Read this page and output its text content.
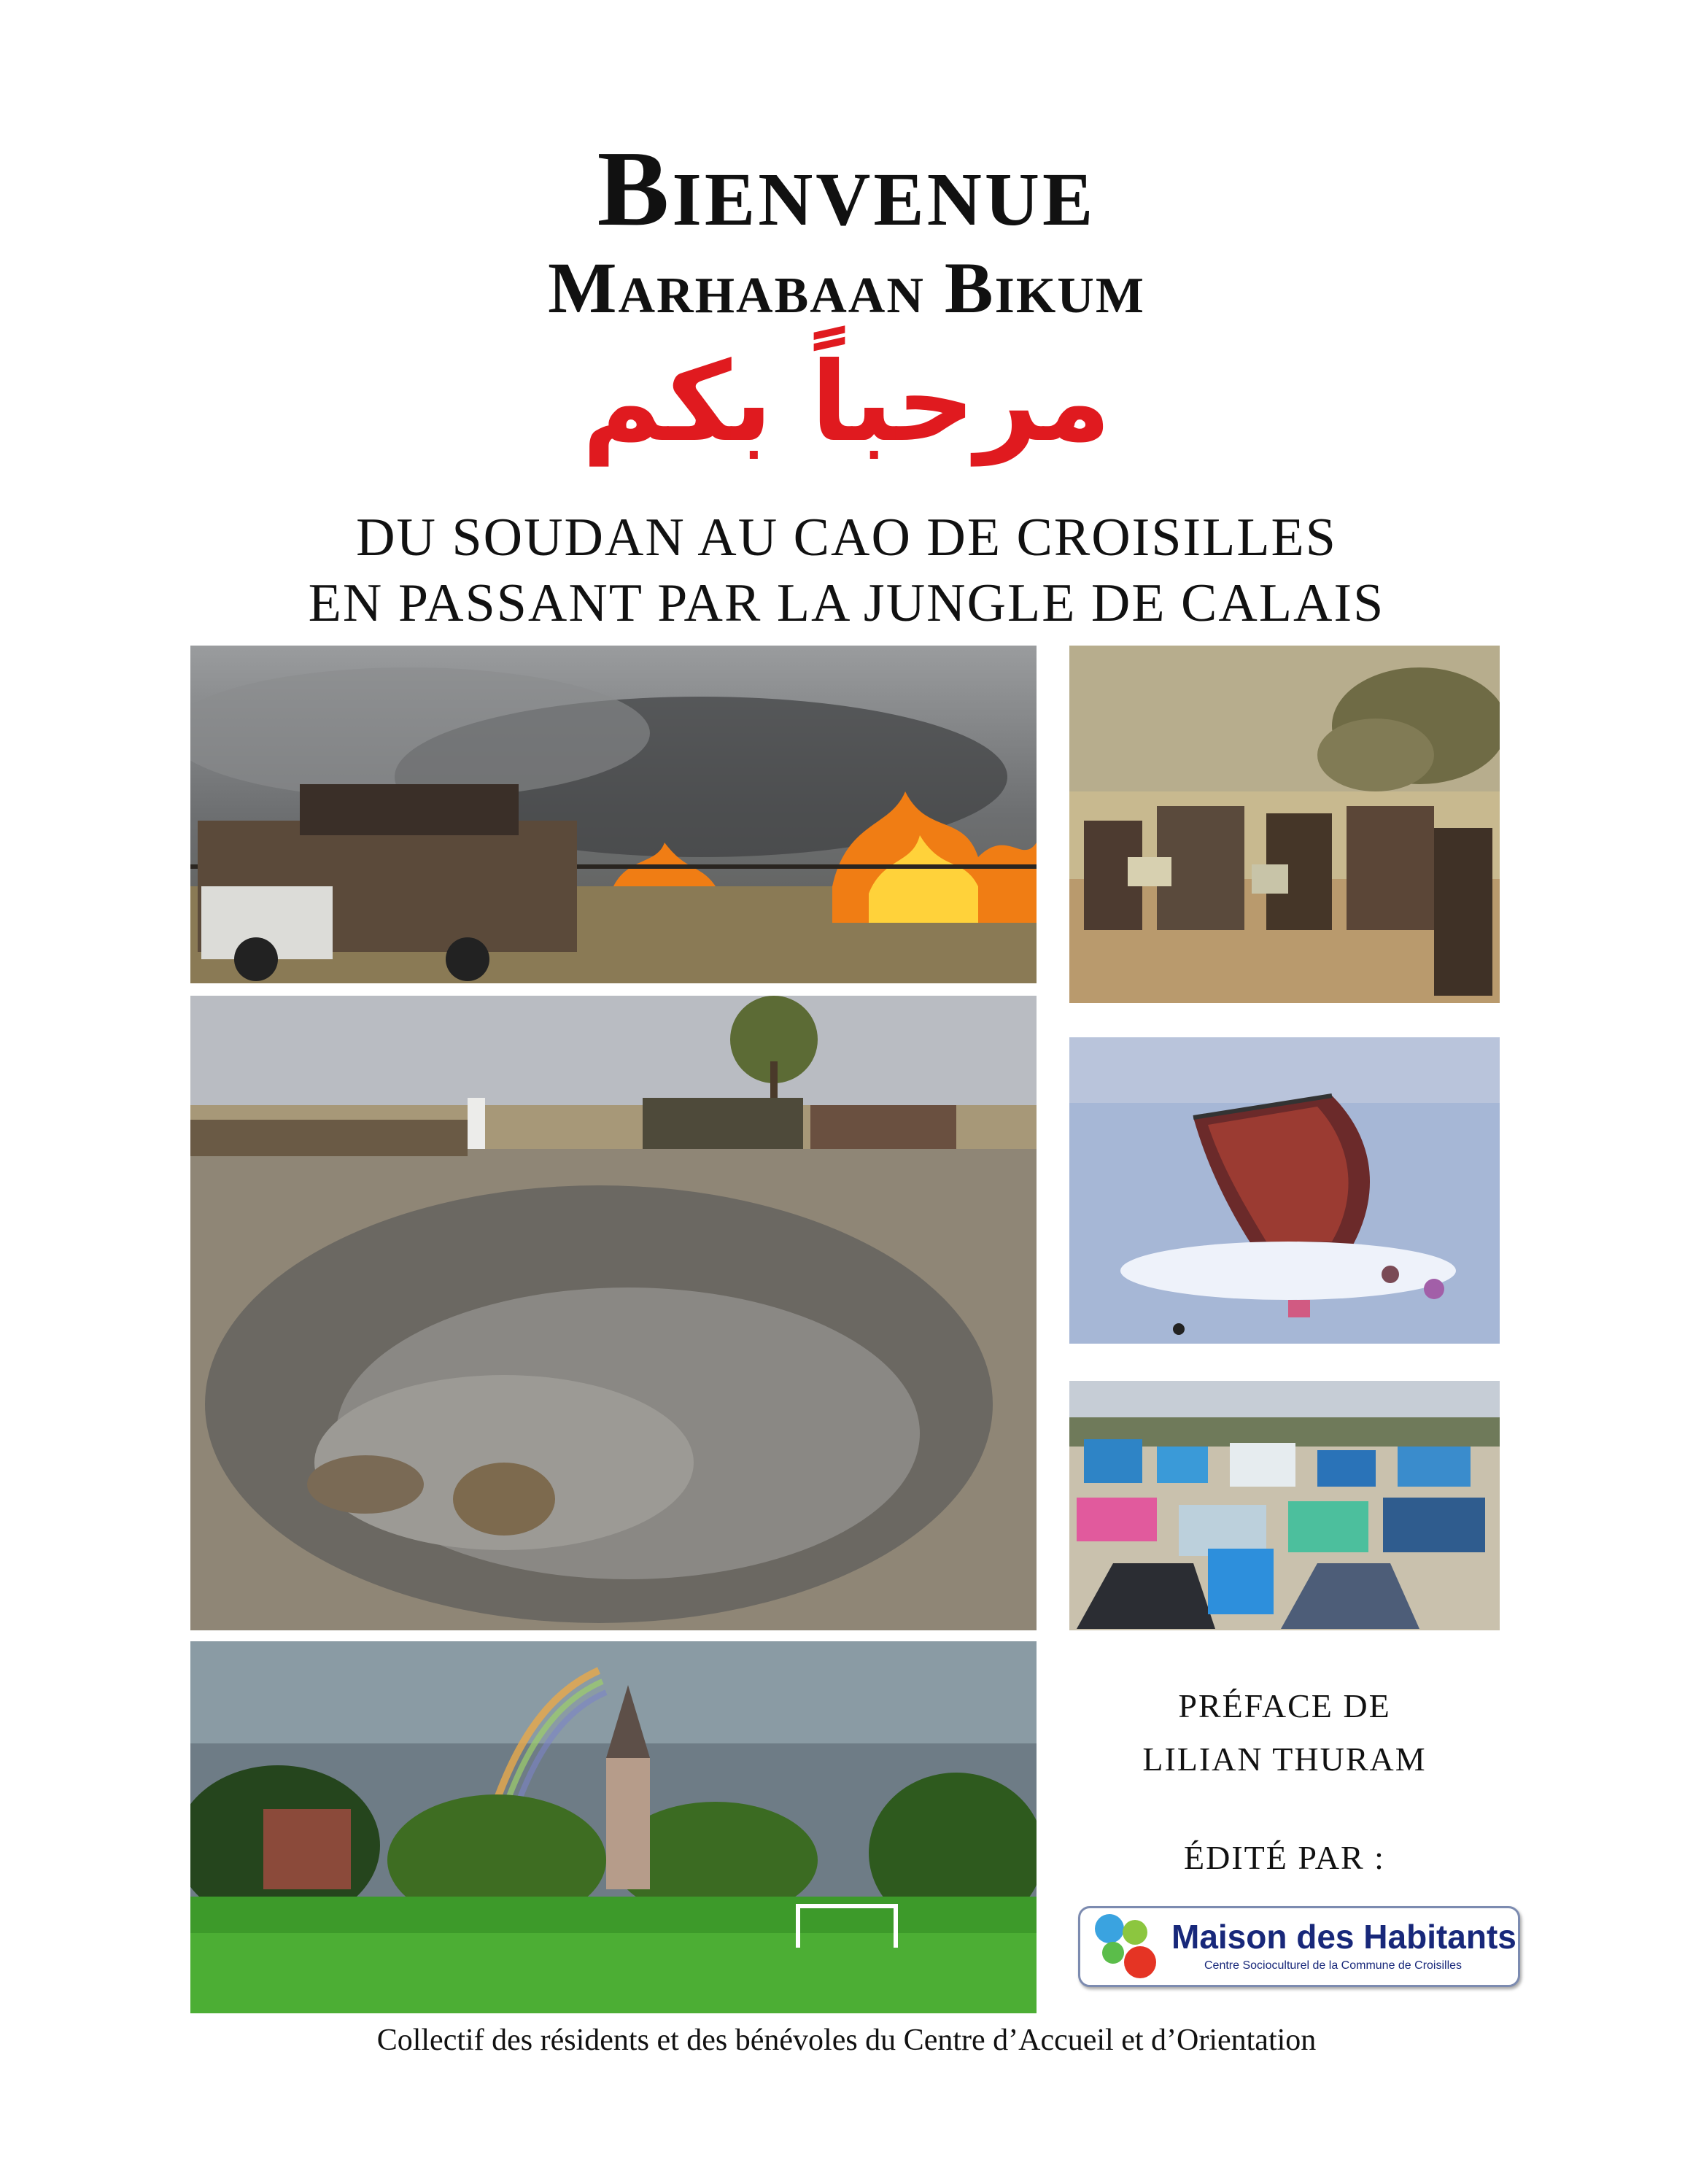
Bienvenue
Marhabaan Bikum
مرحباً بكم
DU SOUDAN AU CAO DE CROISILLES
EN PASSANT PAR LA JUNGLE DE CALAIS
PRÉFACE DE
LILIAN THURAM
ÉDITÉ PAR :
Maison des Habitants
Centre Socioculturel de la Commune de Croisilles
Collectif des résidents et des bénévoles du Centre d’Accueil et d’Orientation
